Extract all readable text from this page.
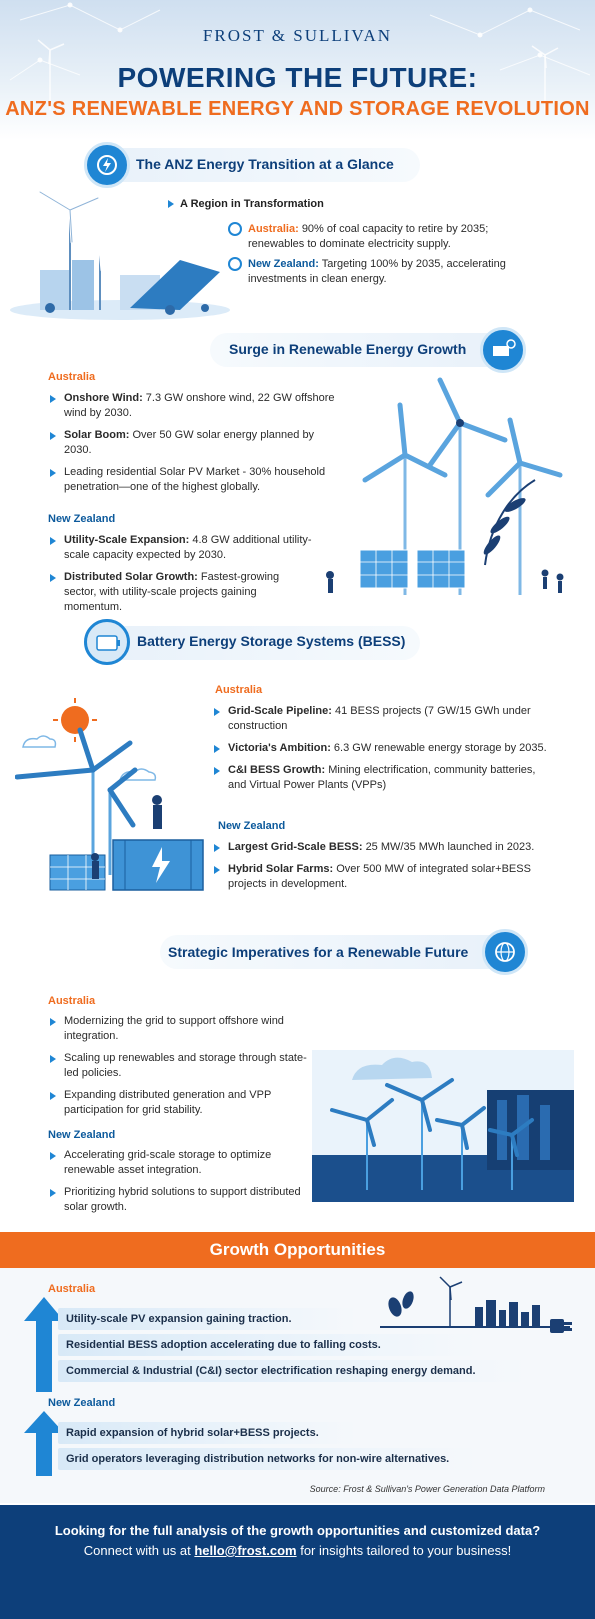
FROST & SULLIVAN
POWERING THE FUTURE:
ANZ'S RENEWABLE ENERGY AND STORAGE REVOLUTION
The ANZ Energy Transition at a Glance
A Region in Transformation
Australia: 90% of coal capacity to retire by 2035; renewables to dominate electricity supply.
New Zealand: Targeting 100% by 2035, accelerating investments in clean energy.
Surge in Renewable Energy Growth
Australia
Onshore Wind: 7.3 GW onshore wind, 22 GW offshore wind by 2030.
Solar Boom: Over 50 GW solar energy planned by 2030.
Leading residential Solar PV Market - 30% household penetration—one of the highest globally.
New Zealand
Utility-Scale Expansion: 4.8 GW additional utility-scale capacity expected by 2030.
Distributed Solar Growth: Fastest-growing sector, with utility-scale projects gaining momentum.
Battery Energy Storage Systems (BESS)
Australia
Grid-Scale Pipeline: 41 BESS projects (7 GW/15 GWh under construction
Victoria's Ambition: 6.3 GW renewable energy storage by 2035.
C&I BESS Growth: Mining electrification, community batteries, and Virtual Power Plants (VPPs)
New Zealand
Largest Grid-Scale BESS: 25 MW/35 MWh launched in 2023.
Hybrid Solar Farms: Over 500 MW of integrated solar+BESS projects in development.
Strategic Imperatives for a Renewable Future
Australia
Modernizing the grid to support offshore wind integration.
Scaling up renewables and storage through state-led policies.
Expanding distributed generation and VPP participation for grid stability.
New Zealand
Accelerating grid-scale storage to optimize renewable asset integration.
Prioritizing hybrid solutions to support distributed solar growth.
Growth Opportunities
Australia
Utility-scale PV expansion gaining traction.
Residential BESS adoption accelerating due to falling costs.
Commercial & Industrial (C&I) sector electrification reshaping energy demand.
New Zealand
Rapid expansion of hybrid solar+BESS projects.
Grid operators leveraging distribution networks for non-wire alternatives.
Source: Frost & Sullivan's Power Generation Data Platform
Looking for the full analysis of the growth opportunities and customized data?
Connect with us at hello@frost.com for insights tailored to your business!
